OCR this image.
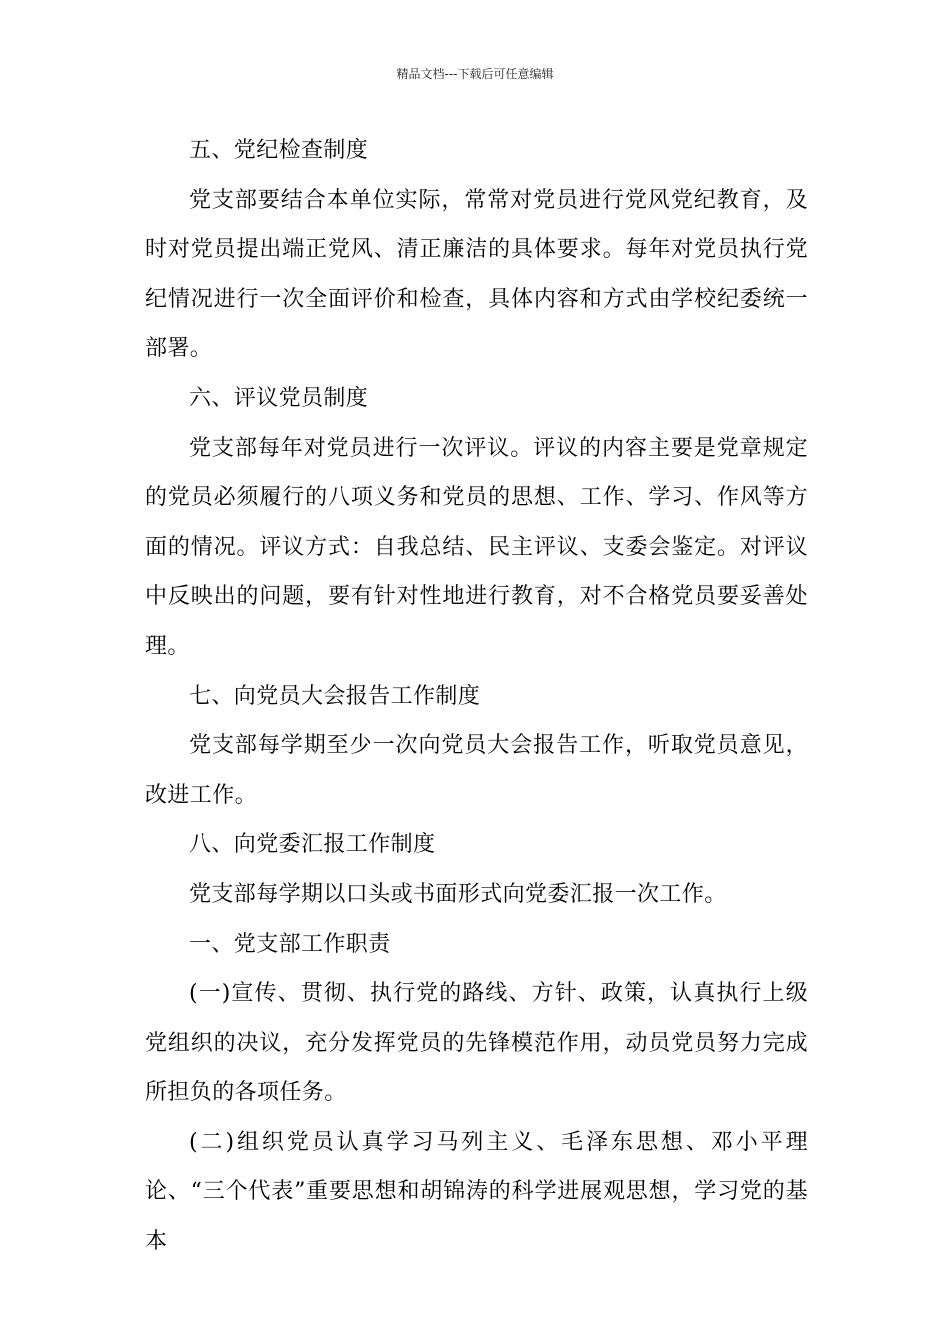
精品文档---下载后可任意编辑

五、党纪检查制度

党支部要结合本单位实际，常常对党员进行党风党纪教育，及时对党员提出端正党风、清正廉洁的具体要求。每年对党员执行党纪情况进行一次全面评价和检查，具体内容和方式由学校纪委统一部署。

六、评议党员制度

党支部每年对党员进行一次评议。评议的内容主要是党章规定的党员必须履行的八项义务和党员的思想、工作、学习、作风等方面的情况。评议方式：自我总结、民主评议、支委会鉴定。对评议中反映出的问题，要有针对性地进行教育，对不合格党员要妥善处理。

七、向党员大会报告工作制度

党支部每学期至少一次向党员大会报告工作，听取党员意见，改进工作。

八、向党委汇报工作制度

党支部每学期以口头或书面形式向党委汇报一次工作。

一、党支部工作职责

(一)宣传、贯彻、执行党的路线、方针、政策，认真执行上级党组织的决议，充分发挥党员的先锋模范作用，动员党员努力完成所担负的各项任务。

(二)组织党员认真学习马列主义、毛泽东思想、邓小平理论、“三个代表”重要思想和胡锦涛的科学进展观思想，学习党的基本
